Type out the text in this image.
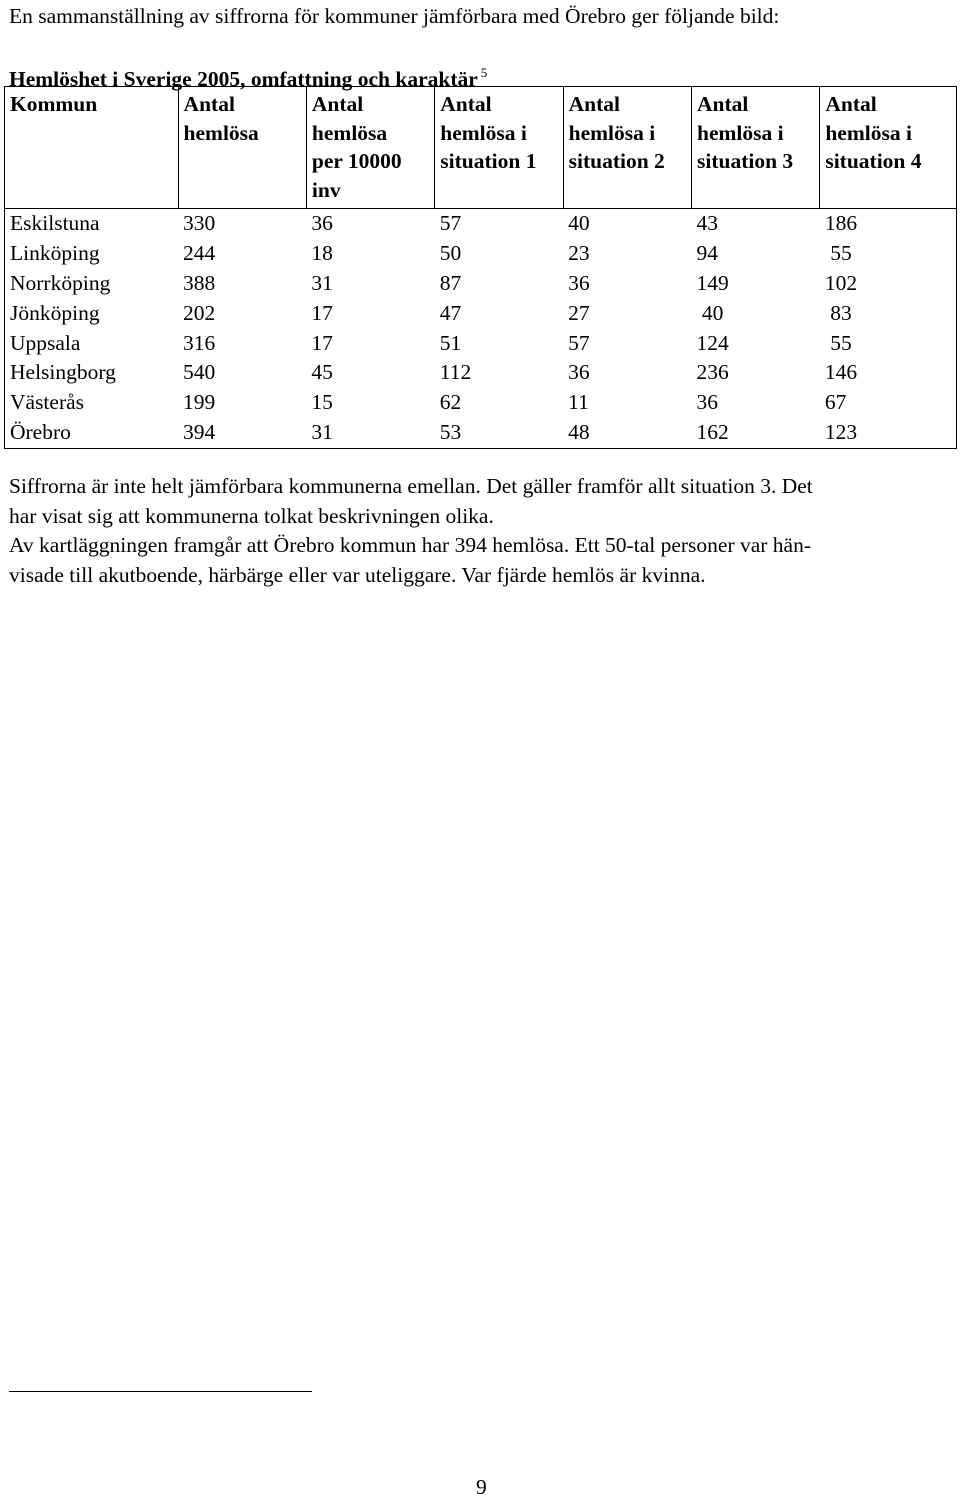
En sammanställning av siffrorna för kommuner jämförbara med Örebro ger följande bild:
Hemlöshet i Sverige 2005, omfattning och karaktär $^5$
Kommun	Antal
hemlösa	Antal
hemlösa
per 10000
inv	Antal
hemlösa i
situation 1	Antal
hemlösa i
situation 2	Antal
hemlösa i
situation 3	Antal
hemlösa i
situation 4
Eskilstuna	330	36	57	40	43	186
Linköping	244	18	50	23	94	55
Norrköping	388	31	87	36	149	102
Jönköping	202	17	47	27	40	83
Uppsala	316	17	51	57	124	55
Helsingborg	540	45	112	36	236	146
Västerås	199	15	62	11	36	67
Örebro	394	31	53	48	162	123

Siffrorna är inte helt jämförbara kommunerna emellan. Det gäller framför allt situation 3. Det

har visat sig att kommunerna tolkat beskrivningen olika.

Av kartläggningen framgår att Örebro kommun har 394 hemlösa. Ett 50-tal personer var hän-

visade till akutboende, härbärge eller var uteliggare. Var fjärde hemlös är kvinna.

9
